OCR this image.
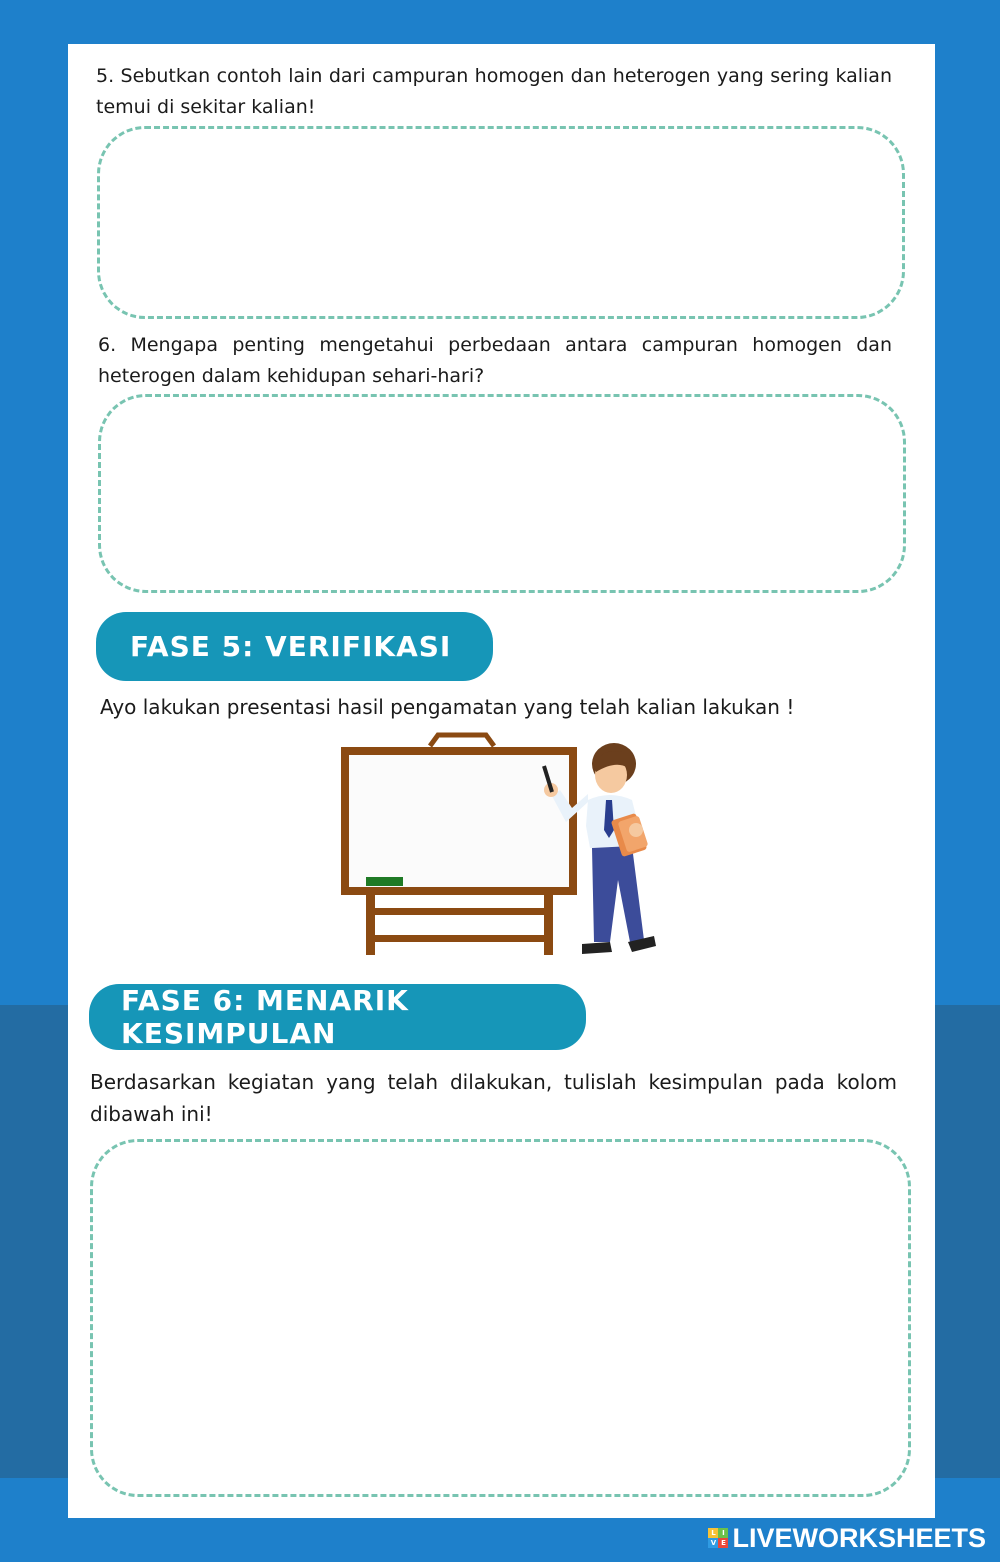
5. Sebutkan contoh lain dari campuran homogen dan heterogen yang sering kalian temui di sekitar kalian!

6. Mengapa penting mengetahui perbedaan antara campuran homogen dan heterogen dalam kehidupan sehari-hari?

FASE 5: VERIFIKASI

Ayo lakukan presentasi hasil pengamatan yang telah kalian lakukan !

FASE 6: MENARIK KESIMPULAN

Berdasarkan kegiatan yang telah dilakukan, tulislah kesimpulan pada kolom dibawah ini!

L I
V E LIVEWORKSHEETS
